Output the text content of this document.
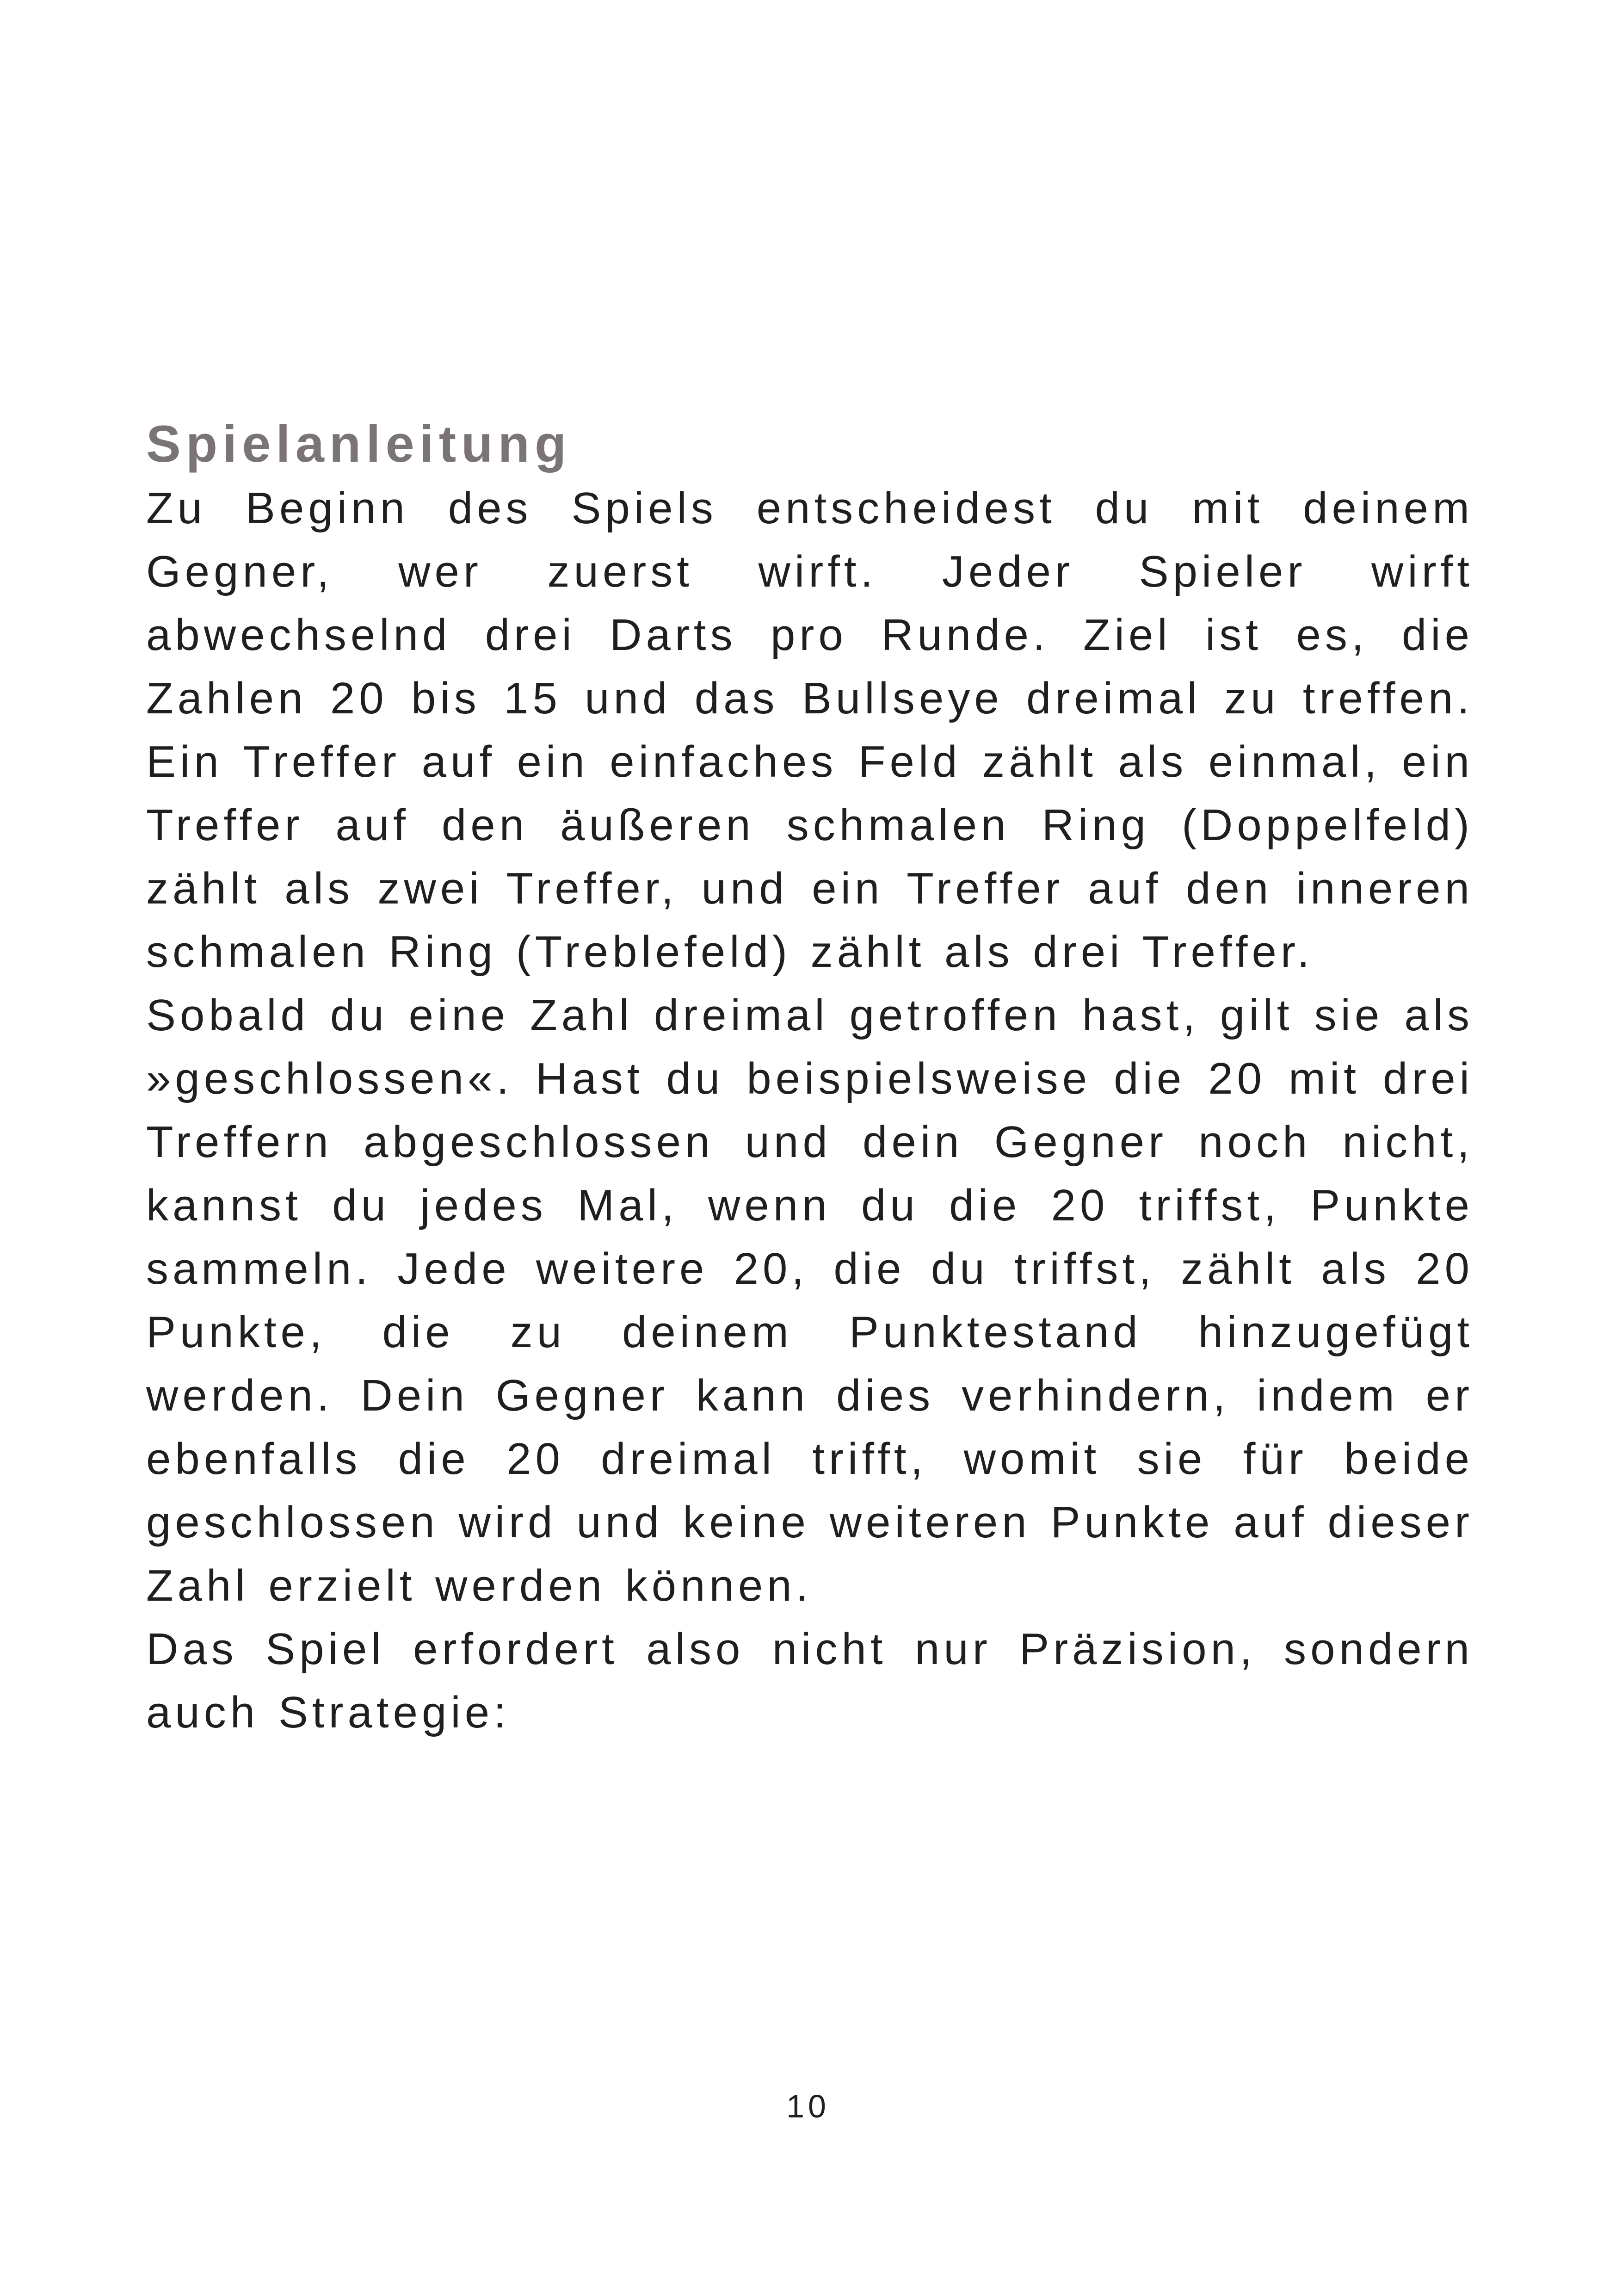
Spielanleitung

Zu Beginn des Spiels entscheidest du mit deinem Gegner, wer zuerst wirft. Jeder Spieler wirft abwechselnd drei Darts pro Runde. Ziel ist es, die Zahlen 20 bis 15 und das Bullseye dreimal zu treffen. Ein Treffer auf ein einfaches Feld zählt als einmal, ein Treffer auf den äußeren schmalen Ring (Doppelfeld) zählt als zwei Treffer, und ein Treffer auf den inneren schmalen Ring (Treblefeld) zählt als drei Treffer.

Sobald du eine Zahl dreimal getroffen hast, gilt sie als »geschlossen«. Hast du beispielsweise die 20 mit drei Treffern abgeschlossen und dein Gegner noch nicht, kannst du jedes Mal, wenn du die 20 triffst, Punkte sammeln. Jede weitere 20, die du triffst, zählt als 20 Punkte, die zu deinem Punktestand hinzugefügt werden. Dein Gegner kann dies verhindern, indem er ebenfalls die 20 dreimal trifft, womit sie für beide geschlossen wird und keine weiteren Punkte auf dieser Zahl erzielt werden können.

Das Spiel erfordert also nicht nur Präzision, sondern auch Strategie:

10
